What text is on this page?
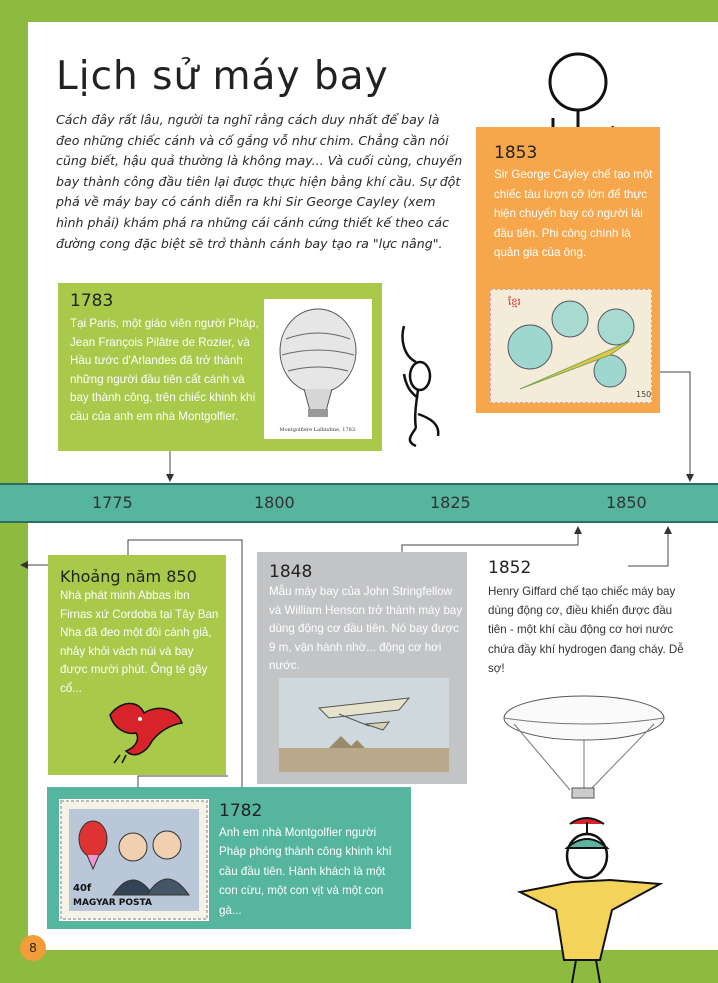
Lịch sử máy bay

Cách đây rất lâu, người ta nghĩ rằng cách duy nhất để bay là đeo những chiếc cánh và cố gắng vỗ như chim. Chẳng cần nói cũng biết, hậu quả thường là không may... Và cuối cùng, chuyến bay thành công đầu tiên lại được thực hiện bằng khí cầu. Sự đột phá về máy bay có cánh diễn ra khi Sir George Cayley (xem hình phải) khám phá ra những cái cánh cứng thiết kế theo các đường cong đặc biệt sẽ trở thành cánh bay tạo ra "lực nâng".

1783
Tại Paris, một giáo viên người Pháp, Jean François Pilâtre de Rozier, và Hầu tước d'Arlandes đã trở thành những người đầu tiên cất cánh và bay thành công, trên chiếc khinh khí cầu của anh em nhà Montgolfier.
Montgolfière Lallindine, 1783.
1853
Sir George Cayley chế tạo một chiếc tàu lượn cỡ lớn để thực hiện chuyến bay có người lái đầu tiên. Phi công chính là quản gia của ông.
ខ្មែរ
150
1775	1800	1825	1850
Khoảng năm 850
Nhà phát minh Abbas ibn Firnas xứ Cordoba tại Tây Ban Nha đã đeo một đôi cánh giả, nhảy khỏi vách núi và bay được mười phút. Ông té gãy cổ...
1848
Mẫu máy bay của John Stringfellow và William Henson trở thành máy bay dùng động cơ đầu tiên. Nó bay được 9 m, vận hành nhờ... động cơ hơi nước.
1852
Henry Giffard chế tạo chiếc máy bay dùng động cơ, điều khiển được đầu tiên - một khí cầu động cơ hơi nước chứa đầy khí hydrogen đang cháy. Dễ sợ!
40f
MAGYAR POSTA
1782
Anh em nhà Montgolfier người Pháp phóng thành công khinh khí cầu đầu tiên. Hành khách là một con cừu, một con vịt và một con gà...
8
